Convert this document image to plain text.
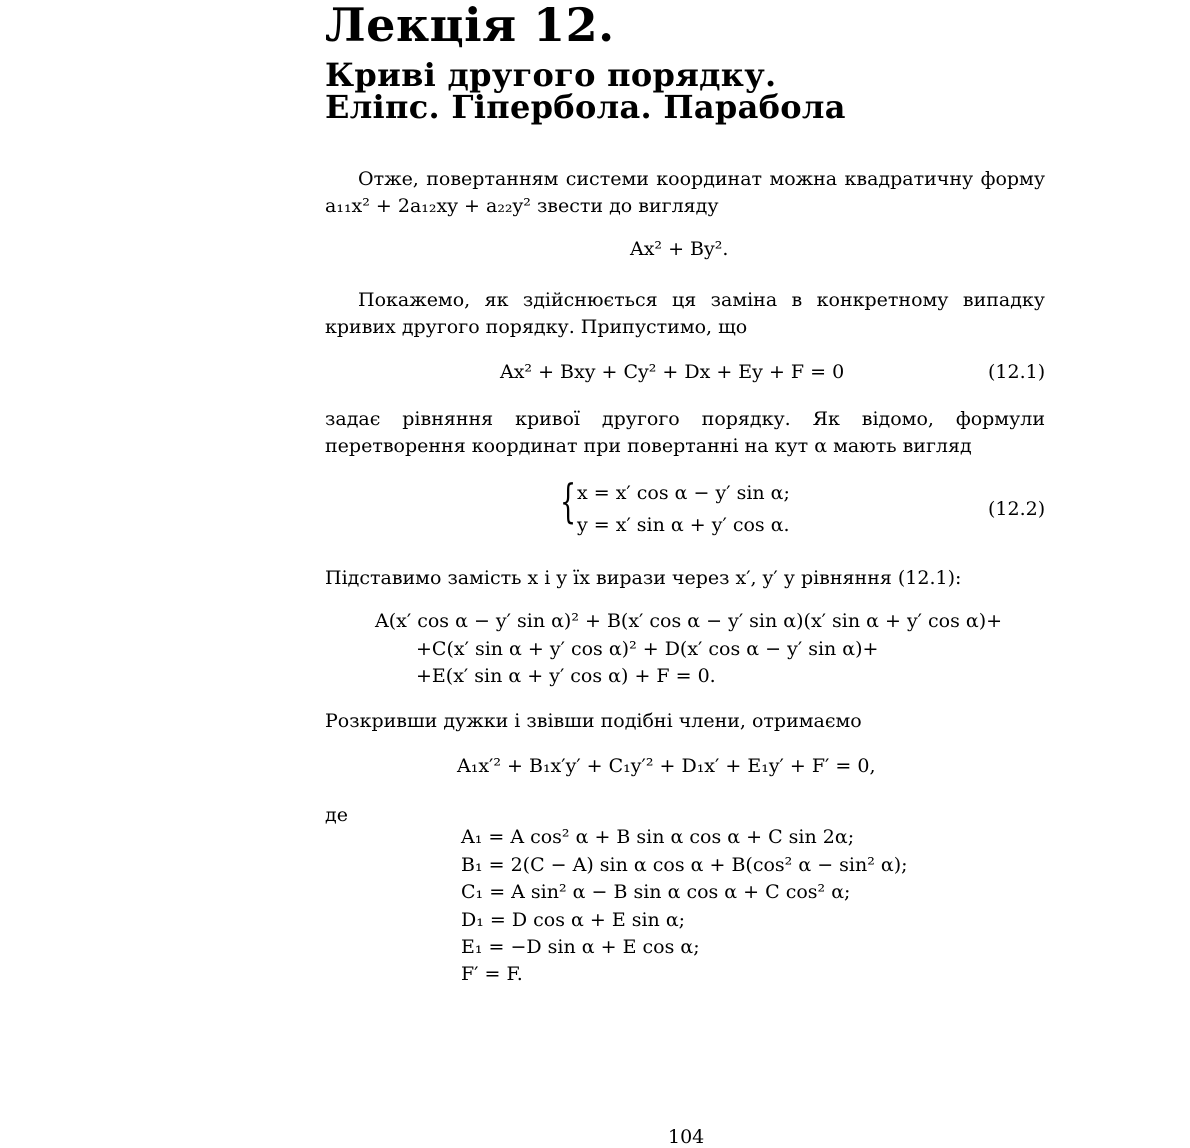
Лекція 12.
Криві другого порядку.
Еліпс. Гіпербола. Парабола
Отже, повертанням системи координат можна квадратичну форму a₁₁x² + 2a₁₂xy + a₂₂y² звести до вигляду
Ax² + By².
Покажемо, як здійснюється ця заміна в конкретному випадку кривих другого порядку. Припустимо, що
Ax² + Bxy + Cy² + Dx + Ey + F = 0	(12.1)
задає рівняння кривої другого порядку. Як відомо, формули перетворення координат при повертанні на кут α мають вигляд
{ x = x′ cos α − y′ sin α;
y = x′ sin α + y′ cos α.
(12.2)
Підставимо замість x і y їх вирази через x′, y′ у рівняння (12.1):
A(x′ cos α − y′ sin α)² + B(x′ cos α − y′ sin α)(x′ sin α + y′ cos α)+
+C(x′ sin α + y′ cos α)² + D(x′ cos α − y′ sin α)+
+E(x′ sin α + y′ cos α) + F = 0.
Розкривши дужки і звівши подібні члени, отримаємо
A₁x′² + B₁x′y′ + C₁y′² + D₁x′ + E₁y′ + F′ = 0,
де
A₁ = A cos² α + B sin α cos α + C sin 2α;
B₁ = 2(C − A) sin α cos α + B(cos² α − sin² α);
C₁ = A sin² α − B sin α cos α + C cos² α;
D₁ = D cos α + E sin α;
E₁ = −D sin α + E cos α;
F′ = F.
104
